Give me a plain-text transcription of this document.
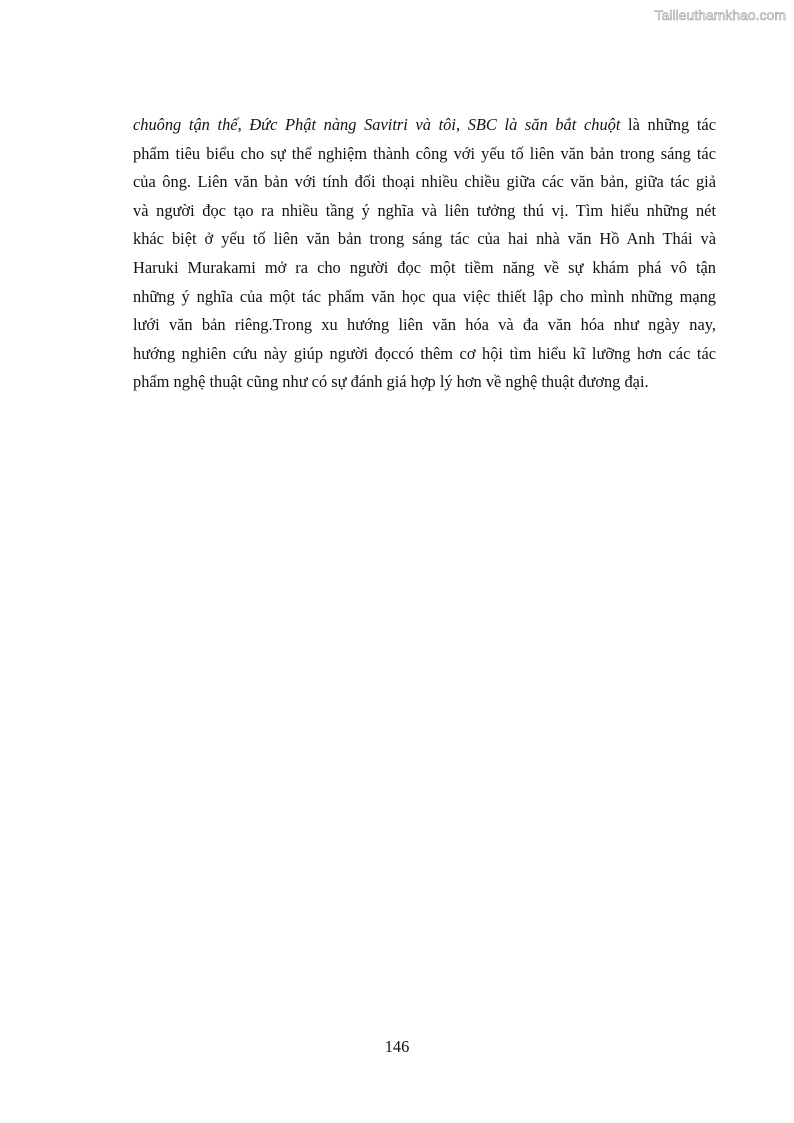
Tailieuthamkhao.com
chuông tận thế, Đức Phật nàng Savitri và tôi, SBC là săn bắt chuột là những tác
phẩm tiêu biểu cho sự thể nghiệm thành công với yếu tố liên văn bản trong sáng tác
của ông. Liên văn bản với tính đối thoại nhiều chiều giữa các văn bản, giữa tác giả
và người đọc tạo ra nhiều tầng ý nghĩa và liên tưởng thú vị. Tìm hiểu những nét
khác biệt ở yếu tố liên văn bản trong sáng tác của hai nhà văn Hồ Anh Thái và
Haruki Murakami mở ra cho người đọc một tiềm năng về sự khám phá vô tận
những ý nghĩa của một tác phẩm văn học qua việc thiết lập cho mình những mạng
lưới văn bản riêng.Trong xu hướng liên văn hóa và đa văn hóa như ngày nay,
hướng nghiên cứu này giúp người đọccó thêm cơ hội tìm hiểu kĩ lưỡng hơn các tác
phẩm nghệ thuật cũng như có sự đánh giá hợp lý hơn về nghệ thuật đương đại.
146
